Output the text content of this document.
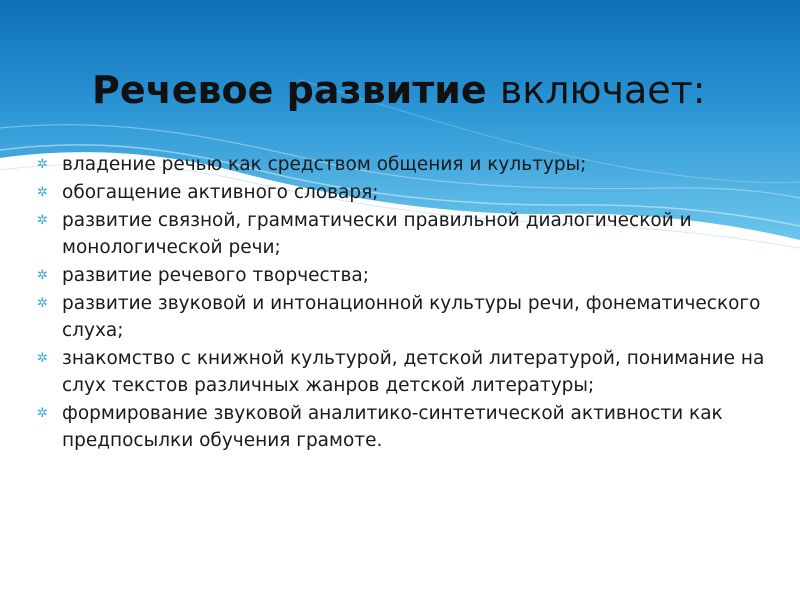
Речевое развитие включает:
✲ владение речью как средством общения и культуры;
✲ обогащение активного словаря;
✲ развитие связной, грамматически правильной диалогической и монологической речи;
✲ развитие речевого творчества;
✲ развитие звуковой и интонационной культуры речи, фонематического слуха;
✲ знакомство с книжной культурой, детской литературой, понимание на слух текстов различных жанров детской литературы;
✲ формирование звуковой аналитико-синтетической активности как предпосылки обучения грамоте.
